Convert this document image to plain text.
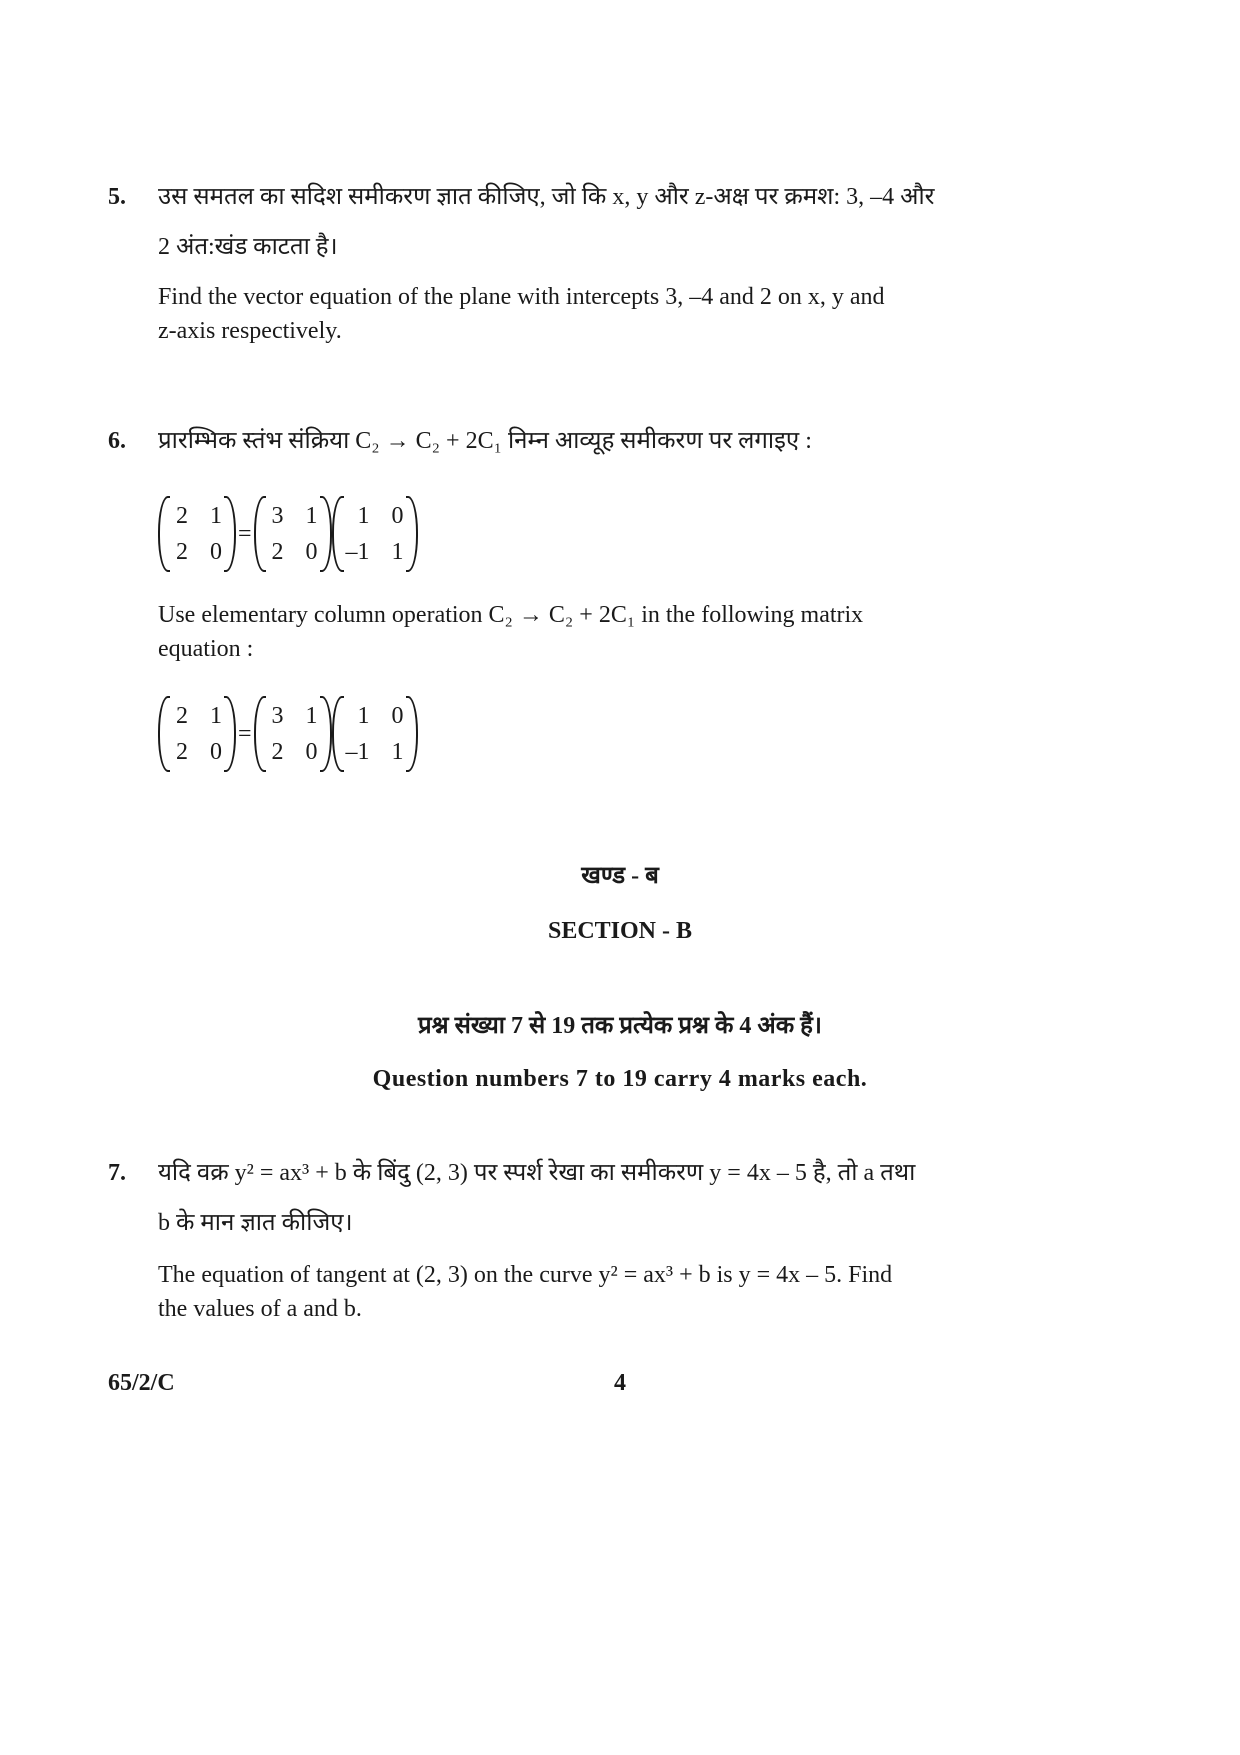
5. उस समतल का सदिश समीकरण ज्ञात कीजिए, जो कि x, y और z-अक्ष पर क्रमश: 3, –4 और
2 अंत:खंड काटता है।
Find the vector equation of the plane with intercepts 3, –4 and 2 on x, y and
z-axis respectively.
6. प्रारम्भिक स्तंभ संक्रिया C₂ → C₂ + 2C₁ निम्न आव्यूह समीकरण पर लगाइए :
2 1
2 0
=
3 1
2 0
1 0
–1 1
Use elementary column operation C₂ → C₂ + 2C₁ in the following matrix
equation :
2 1
2 0
=
3 1
2 0
1 0
–1 1
खण्ड - ब
SECTION - B
प्रश्न संख्या 7 से 19 तक प्रत्येक प्रश्न के 4 अंक हैं।
Question numbers 7 to 19 carry 4 marks each.
7. यदि वक्र y² = ax³ + b के बिंदु (2, 3) पर स्पर्श रेखा का समीकरण y = 4x – 5 है, तो a तथा
b के मान ज्ञात कीजिए।
The equation of tangent at (2, 3) on the curve y² = ax³ + b is y = 4x – 5. Find
the values of a and b.
65/2/C	4
